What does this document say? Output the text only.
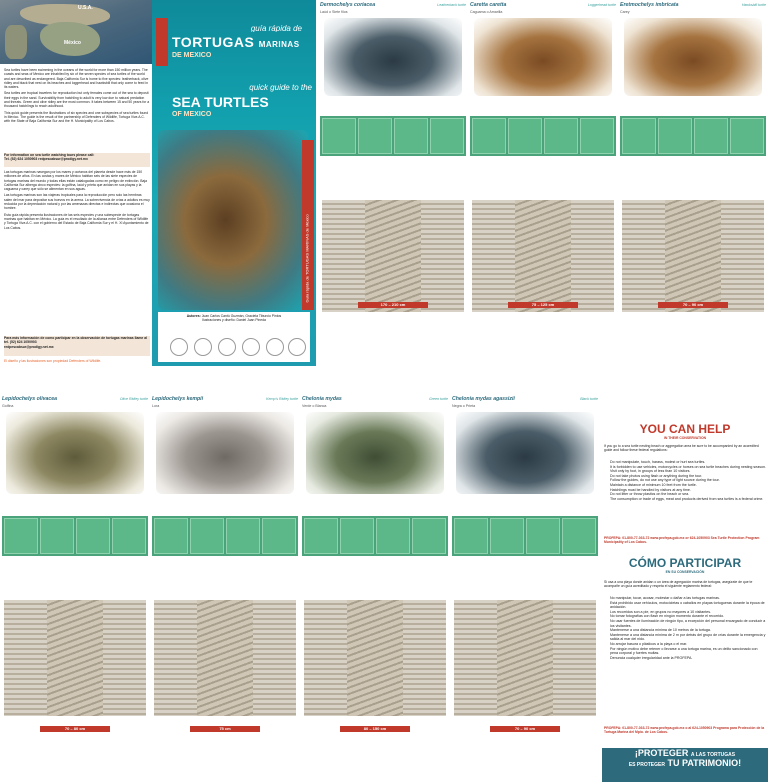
U.S.A.
México

Sea turtles have been swimming in the oceans of the world for more than 150 million years. The coasts and seas of Mexico are inhabited by six of the seven species of sea turtles of the world and are described as endangered. Baja California Sur is home to five species: leatherback, olive ridley and black that nest on its beaches and loggerhead and hawksbill that only come to feed in its waters.

Sea turtles are tropical travelers for reproduction but only females come out of the sea to deposit their eggs in the sand. Survivability from hatchling to adult is very low due to natural predation and threats. Green and olive ridley are the most common. It takes between 15 and 50 years for a thousand hatchlings to reach adulthood.

This quick guide presents the illustrations of six species and one subspecies of sea turtles found in Mexico. The guide is the result of the partnership of Defenders of Wildlife, Tortuga Viva A.C. with the State of Baja California Sur and the H. Municipality of Los Cabos.

For information on sea turtle watching tours please call:
Tel. (52) 624 1050903 redpescabsur@prodigy.net.mx

Las tortugas marinas navegan por los mares y océanos del planeta desde hace más de 150 millones de años. En las costas y mares de México habitan seis de las siete especies de tortugas marinas del mundo y todas ellas están catalogadas como en peligro de extinción. Baja California Sur alberga cinco especies: la golfina, laúd y prieta que anidan en sus playas y la caguama y carey que sólo se alimentan en sus aguas.

Las tortugas marinas son las viajeras tropicales para la reproducción pero solo las hembras salen del mar para depositar sus huevos en la arena. La sobrevivencia de crías a adultos es muy reducida por la depredación natural y por las amenazas directas e indirectas que ocasiona el hombre.

Esta guía rápida presenta ilustraciones de las seis especies y una subespecie de tortugas marinas que habitan en México. La guía es el resultado de la alianza entre Defenders of Wildlife y Tortuga Viva A.C. con el gobierno del Estado de Baja California Sur y el H. XI Ayuntamiento de Los Cabos.

Para más información de como participar en la observación de tortugas marinas llame al tel. (52) 624 1050903
redpescabsur@prodigy.net.mx
El diseño y las ilustraciones son propiedad Defenders of Wildlife.
guía rápida de
TORTUGAS MARINAS
DE MÉXICO
quick guide to the
SEA TURTLES
OF MEXICO
Guía rápida de TORTUGAS MARINAS de México
Autores: Juan Carlos Cantú Guzmán, Graciela Tiburcio Pintos
Ilustraciones y diseño: Daniel Juan Pineda
Dermochelys coriacea	Leatherback turtle
Laúd o Siete filos
170 – 210 cm
Caretta caretta	Loggerhead turtle
Caguama o Amarilla
75 – 125 cm
Eretmochelys imbricata	Hawksbill turtle
Carey
70 – 90 cm
Lepidochelys olivacea	Olive Ridley turtle
Golfina
70 – 80 cm
Lepidochelys kempii	Kemp's Ridley turtle
Lora
75 cm
Chelonia mydas	Green turtle
Verde o Blanca
80 – 150 cm
Chelonia mydas agassizii	Black turtle
Negra o Prieta
70 – 90 cm
YOU CAN HELP
IN THEIR CONSERVATION
If you go to a sea turtle nesting beach or aggregation area be sure to be accompanied by an accredited guide and follow these federal regulations:
• Do not manipulate, touch, harass, molest or hurt sea turtles.
• It is forbidden to use vehicles, motorcycles or horses on sea turtle beaches during nesting season.
• Visit only by foot, in groups of less than 10 visitors.
• Do not take photos using flash or anything during the tour.
• Follow the guides, do not use any type of light source during the tour.
• Maintain a distance of minimum 10 feet from the turtle.
• Hatchlings must be handled by visitors at any time.
• Do not litter or throw plastics on the beach or sea.
• The consumption or trade of eggs, meat and products derived from sea turtles is a federal crime.
PROFEPA: 01-800-77-033-72 www.profepa.gob.mx or 624-1050903 Sea Turtle Protection Program Municipality of Los Cabos.
CÓMO PARTICIPAR
EN SU CONSERVACIÓN
Si usa a una playa donde anidan o un área de agregación marina de tortugas, asegúrate de que te acompañe un guía acreditado y respeta el siguiente reglamento federal:
• No manipular, tocar, acosar, molestar o dañar a las tortugas marinas.
• Está prohibido usar vehículos, motocicletas o caballos en playas tortugueras durante la época de anidación.
• Los recorridos son a pie, en grupos no mayores a 10 visitantes.
• No tomar fotografías con flash en ningún momento durante el recorrido.
• No usar fuentes de iluminación de ningún tipo, a excepción del personal encargado de conducir a los visitantes.
• Mantenerse a una distancia mínima de 10 metros de la tortuga.
• Mantenerse a una distancia mínima de 2 m por detrás del grupo de crías durante la emergencia y salida al mar del nido.
• No arrojar basura o plásticos a la playa o el mar.
• Por ningún motivo debe retener o llevarse a una tortuga marina, es un delito sancionado con pena corporal y fuertes multas.
• Denuncia cualquier irregularidad ante la PROFEPA.
PROFEPA: 01-800-77-033-72 www.profepa.gob.mx o al 624-1050903 Programa para Protección de la Tortuga Marina del Mpio. de Los Cabos.
¡PROTEGER A LAS TORTUGAS
ES PROTEGER TU PATRIMONIO!
